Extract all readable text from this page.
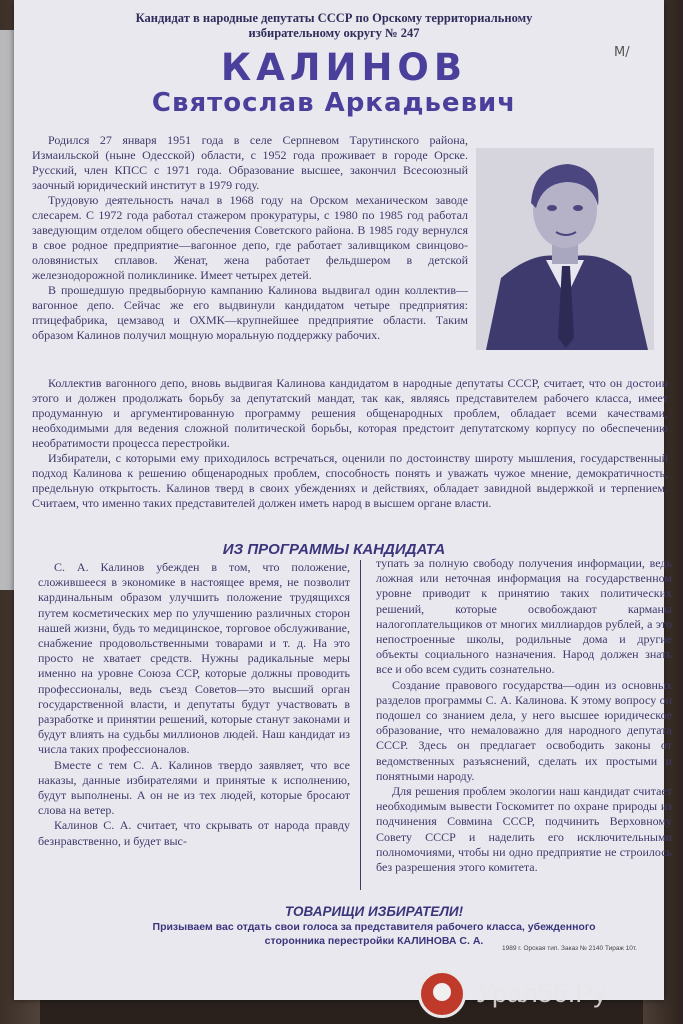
Кандидат в народные депутаты СССР по Орскому территориальному
избирательному округу № 247
М/
КАЛИНОВ
Святослав Аркадьевич

Родился 27 января 1951 года в селе Серпневом Тарутинского района, Измаильской (ныне Одесской) области, с 1952 года проживает в городе Орске. Русский, член КПСС с 1971 года. Образование высшее, закончил Всесоюзный заочный юридический институт в 1979 году.

Трудовую деятельность начал в 1968 году на Орском механическом заводе слесарем. С 1972 года работал стажером прокуратуры, с 1980 по 1985 год работал заведующим отделом общего обеспечения Советского района. В 1985 году вернулся в свое родное предприятие—вагонное депо, где работает заливщиком свинцово-оловянистых сплавов. Женат, жена работает фельдшером в детской железнодорожной поликлинике. Имеет четырех детей.

В прошедшую предвыборную кампанию Калинова выдвигал один коллектив—вагонное депо. Сейчас же его выдвинули кандидатом четыре предприятия: птицефабрика, цемзавод и ОХМК—крупнейшее предприятие области. Таким образом Калинов получил мощную моральную поддержку рабочих.

Коллектив вагонного депо, вновь выдвигая Калинова кандидатом в народные депутаты СССР, считает, что он достоин этого и должен продолжать борьбу за депутатский мандат, так как, являясь представителем рабочего класса, имеет продуманную и аргументированную программу решения общенародных проблем, обладает всеми качествами, необходимыми для ведения сложной политической борьбы, которая предстоит депутатскому корпусу по обеспечению необратимости процесса перестройки.

Избиратели, с которыми ему приходилось встречаться, оценили по достоинству широту мышления, государственный подход Калинова к решению общенародных проблем, способность понять и уважать чужое мнение, демократичность, предельную открытость. Калинов тверд в своих убеждениях и действиях, обладает завидной выдержкой и терпением. Считаем, что именно таких представителей должен иметь народ в высшем органе власти.

ИЗ ПРОГРАММЫ КАНДИДАТА

С. А. Калинов убежден в том, что положение, сложившееся в экономике в настоящее время, не позволит кардинальным образом улучшить положение трудящихся путем косметических мер по улучшению различных сторон нашей жизни, будь то медицинское, торговое обслуживание, снабжение продовольственными товарами и т. д. На это просто не хватает средств. Нужны радикальные меры именно на уровне Союза ССР, которые должны проводить профессионалы, ведь съезд Советов—это высший орган государственной власти, и депутаты будут участвовать в разработке и принятии решений, которые станут законами и будут влиять на судьбы миллионов людей. Наш кандидат из числа таких профессионалов.

Вместе с тем С. А. Калинов твердо заявляет, что все наказы, данные избирателями и принятые к исполнению, будут выполнены. А он не из тех людей, которые бросают слова на ветер.

Калинов С. А. считает, что скрывать от народа правду безнравственно, и будет выс-

тупать за полную свободу получения информации, ведь ложная или неточная информация на государственном уровне приводит к принятию таких политических решений, которые освобождают карманы налогоплательщиков от многих миллиардов рублей, а это непостроенные школы, родильные дома и другие объекты социального назначения. Народ должен знать все и обо всем судить сознательно.

Создание правового государства—один из основных разделов программы С. А. Калинова. К этому вопросу он подошел со знанием дела, у него высшее юридическое образование, что немаловажно для народного депутата СССР. Здесь он предлагает освободить законы от ведомственных разъяснений, сделать их простыми и понятными народу.

Для решения проблем экологии наш кандидат считает необходимым вывести Госкомитет по охране природы из подчинения Совмина СССР, подчинить Верховному Совету СССР и наделить его исключительными полномочиями, чтобы ни одно предприятие не строилось без разрешения этого комитета.

ТОВАРИЩИ ИЗБИРАТЕЛИ!
Призываем вас отдать свои голоса за представителя рабочего класса, убежденного
сторонника перестройки КАЛИНОВА С. А.
1989 г. Орская тип. Заказ № 2140 Тираж 10т.
Урал56.Ру
